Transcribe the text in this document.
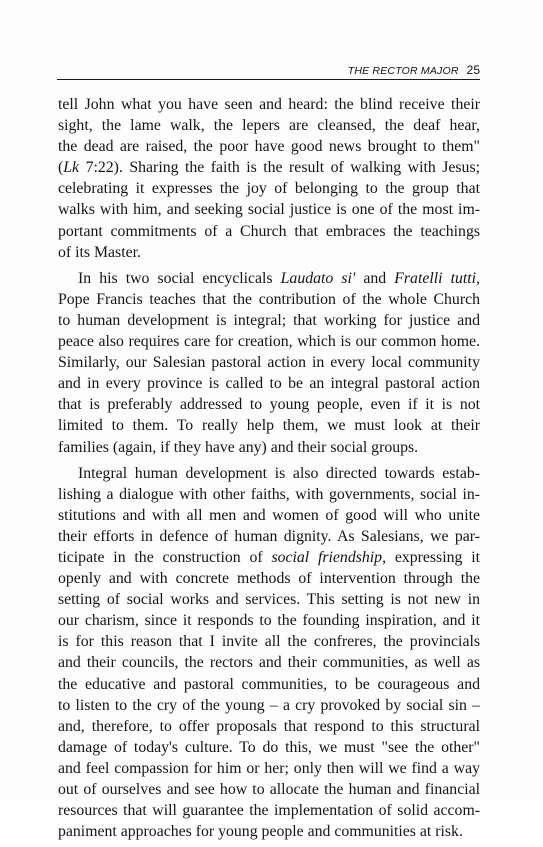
THE RECTOR MAJOR 25
tell John what you have seen and heard: the blind receive their
sight, the lame walk, the lepers are cleansed, the deaf hear,
the dead are raised, the poor have good news brought to them"
(Lk 7:22). Sharing the faith is the result of walking with Jesus;
celebrating it expresses the joy of belonging to the group that
walks with him, and seeking social justice is one of the most im-
portant commitments of a Church that embraces the teachings
of its Master.
In his two social encyclicals Laudato si' and Fratelli tutti,
Pope Francis teaches that the contribution of the whole Church
to human development is integral; that working for justice and
peace also requires care for creation, which is our common home.
Similarly, our Salesian pastoral action in every local community
and in every province is called to be an integral pastoral action
that is preferably addressed to young people, even if it is not
limited to them. To really help them, we must look at their
families (again, if they have any) and their social groups.
Integral human development is also directed towards estab-
lishing a dialogue with other faiths, with governments, social in-
stitutions and with all men and women of good will who unite
their efforts in defence of human dignity. As Salesians, we par-
ticipate in the construction of social friendship, expressing it
openly and with concrete methods of intervention through the
setting of social works and services. This setting is not new in
our charism, since it responds to the founding inspiration, and it
is for this reason that I invite all the confreres, the provincials
and their councils, the rectors and their communities, as well as
the educative and pastoral communities, to be courageous and
to listen to the cry of the young – a cry provoked by social sin –
and, therefore, to offer proposals that respond to this structural
damage of today's culture. To do this, we must "see the other"
and feel compassion for him or her; only then will we find a way
out of ourselves and see how to allocate the human and financial
resources that will guarantee the implementation of solid accom-
paniment approaches for young people and communities at risk.
